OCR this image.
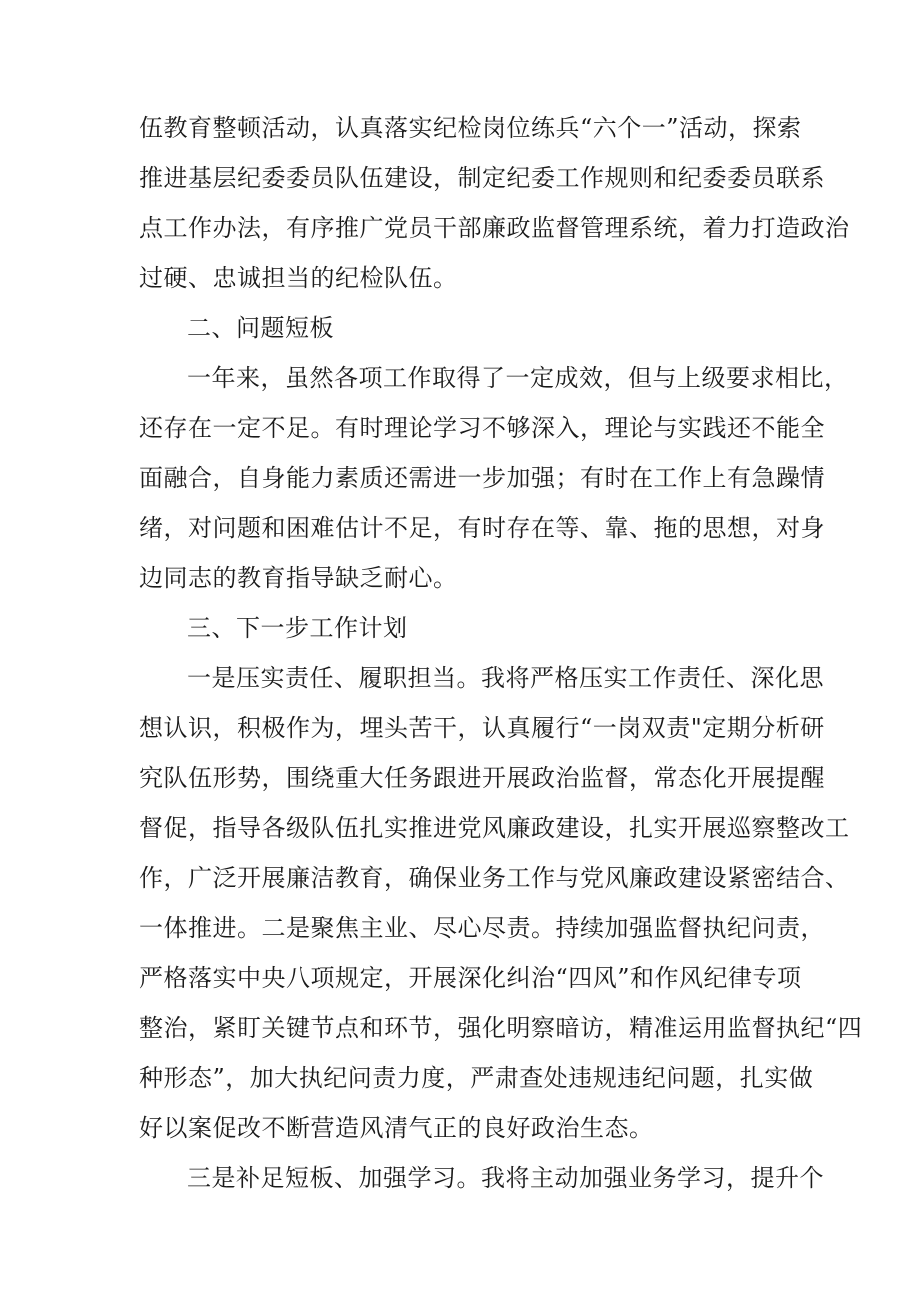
伍教育整顿活动，认真落实纪检岗位练兵“六个一”活动，探索

推进基层纪委委员队伍建设，制定纪委工作规则和纪委委员联系

点工作办法，有序推广党员干部廉政监督管理系统，着力打造政治

过硬、忠诚担当的纪检队伍。

二、问题短板

一年来，虽然各项工作取得了一定成效，但与上级要求相比，

还存在一定不足。有时理论学习不够深入，理论与实践还不能全

面融合，自身能力素质还需进一步加强；有时在工作上有急躁情

绪，对问题和困难估计不足，有时存在等、靠、拖的思想，对身

边同志的教育指导缺乏耐心。

三、下一步工作计划

一是压实责任、履职担当。我将严格压实工作责任、深化思

想认识，积极作为，埋头苦干，认真履行“一岗双责"定期分析研

究队伍形势，围绕重大任务跟进开展政治监督，常态化开展提醒

督促，指导各级队伍扎实推进党风廉政建设，扎实开展巡察整改工

作，广泛开展廉洁教育，确保业务工作与党风廉政建设紧密结合、

一体推进。二是聚焦主业、尽心尽责。持续加强监督执纪问责，

严格落实中央八项规定，开展深化纠治“四风”和作风纪律专项

整治，紧盯关键节点和环节，强化明察暗访，精准运用监督执纪“四

种形态”，加大执纪问责力度，严肃查处违规违纪问题，扎实做

好以案促改不断营造风清气正的良好政治生态。

三是补足短板、加强学习。我将主动加强业务学习，提升个
